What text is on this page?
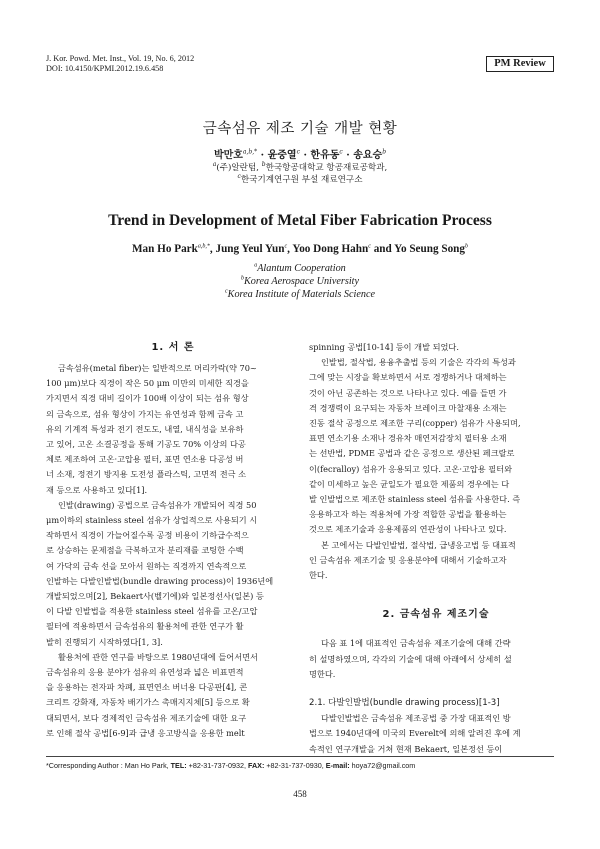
J. Kor. Powd. Met. Inst., Vol. 19, No. 6, 2012
DOI: 10.4150/KPMI.2012.19.6.458	PM Review
금속섬유 제조 기술 개발 현황
박만호$^{a,b,*}$ · 윤중열$^c$ · 한유동$^c$ · 송요승$^b$
$^a$(주)알란텀, $^b$한국항공대학교 항공재료공학과,
$^c$한국기계연구원 부설 재료연구소
Trend in Development of Metal Fiber Fabrication Process
Man Ho Park$^{a,b,*}$, Jung Yeul Yun$^c$, Yoo Dong Hahn$^c$ and Yo Seung Song$^b$
$^a$Alantum Cooperation
$^b$Korea Aerospace University
$^c$Korea Institute of Materials Science
1. 서 론
금속섬유(metal fiber)는 일반적으로 머리카락(약 70~
100 μm)보다 직경이 작은 50 μm 미만의 미세한 직경을
가지면서 직경 대비 길이가 100배 이상이 되는 섬유 형상
의 금속으로, 섬유 형상이 가지는 유연성과 함께 금속 고
유의 기계적 특성과 전기 전도도, 내열, 내식성을 보유하
고 있어, 고온 소결공정을 통해 기공도 70% 이상의 다공
체로 제조하여 고온·고압용 필터, 표면 연소용 다공성 버
너 소재, 정전기 방지용 도전성 플라스틱, 고면적 전극 소
재 등으로 사용하고 있다[1].
인발(drawing) 공법으로 금속섬유가 개발되어 직경 50
μm이하의 stainless steel 섬유가 상업적으로 사용되기 시
작하면서 직경이 가늘어질수록 공정 비용이 기하급수적으
로 상승하는 문제점을 극복하고자 분리재를 코팅한 수백
여 가닥의 금속 선을 모아서 원하는 직경까지 연속적으로
인발하는 다발인발법(bundle drawing process)이 1936년에
개발되었으며[2], Bekaert사(벨기에)와 일본정선사(일본) 등
이 다발 인발법을 적용한 stainless steel 섬유를 고온/고압
필터에 적용하면서 금속섬유의 활용처에 관한 연구가 활
발히 진행되기 시작하였다[1, 3].
활용처에 관한 연구를 바탕으로 1980년대에 들어서면서
금속섬유의 응용 분야가 섬유의 유연성과 넓은 비표면적
을 응용하는 전자파 차폐, 표면연소 버너용 다공판[4], 콘
크리트 강화재, 자동차 배기가스 촉매지지체[5] 등으로 확
대되면서, 보다 경제적인 금속섬유 제조기술에 대한 요구
로 인해 절삭 공법[6-9]과 급냉 응고방식을 응용한 melt
spinning 공법[10-14] 등이 개발 되었다.
인발법, 절삭법, 용융추출법 등의 기술은 각각의 특성과
그에 맞는 시장을 확보하면서 서로 경쟁하거나 대체하는
것이 아닌 공존하는 것으로 나타나고 있다. 예를 들면 가
격 경쟁력이 요구되는 자동차 브레이크 마찰재용 소재는
진동 절삭 공정으로 제조한 구리(copper) 섬유가 사용되며,
표면 연소기용 소재나 경유차 매연저감장치 필터용 소재
는 선반법, PDME 공법과 같은 공정으로 생산된 페크랄로
이(fecralloy) 섬유가 응용되고 있다. 고온·고압용 필터와
같이 미세하고 높은 균일도가 필요한 제품의 경우에는 다
발 인발법으로 제조한 stainless steel 섬유를 사용한다. 즉
응용하고자 하는 적용처에 가장 적합한 공법을 활용하는
것으로 제조기술과 응용제품의 연관성이 나타나고 있다.
본 고에서는 다발인발법, 절삭법, 급냉응고법 등 대표적
인 금속섬유 제조기술 및 응용분야에 대해서 기술하고자
한다.
2. 금속섬유 제조기술
다음 표 1에 대표적인 금속섬유 제조기술에 대해 간략
히 설명하였으며, 각각의 기술에 대해 아래에서 상세히 설
명한다.
2.1. 다발인발법(bundle drawing process)[1-3]
다발인발법은 금속섬유 제조공법 중 가장 대표적인 방
법으로 1940년대에 미국의 Everelt에 의해 알려진 후에 계
속적인 연구개발을 거쳐 현재 Bekaert, 일본정선 등이
*Corresponding Author : Man Ho Park, TEL: +82-31-737-0932, FAX: +82-31-737-0930, E-mail: hoya72@gmail.com
458
